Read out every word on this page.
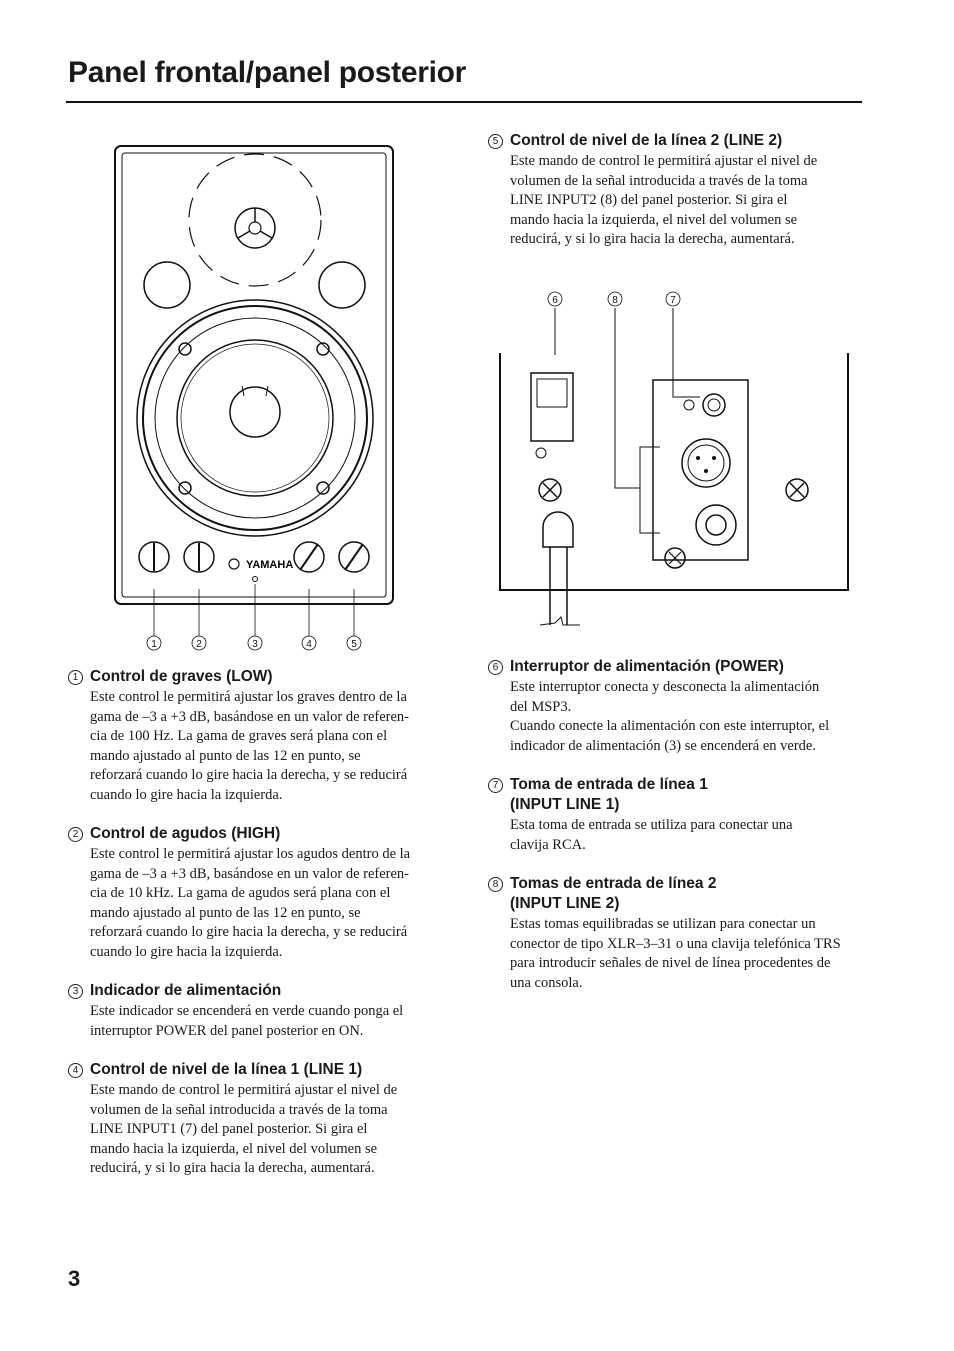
Panel frontal/panel posterior
YAMAHA
1	2	3	4	5
6	8	7
1 Control de graves (LOW)
Este control le permitirá ajustar los graves dentro de la
gama de –3 a +3 dB, basándose en un valor de referen-
cia de 100 Hz. La gama de graves será plana con el
mando ajustado al punto de las 12 en punto, se
reforzará cuando lo gire hacia la derecha, y se reducirá
cuando lo gire hacia la izquierda.
2 Control de agudos (HIGH)
Este control le permitirá ajustar los agudos dentro de la
gama de –3 a +3 dB, basándose en un valor de referen-
cia de 10 kHz. La gama de agudos será plana con el
mando ajustado al punto de las 12 en punto, se
reforzará cuando lo gire hacia la derecha, y se reducirá
cuando lo gire hacia la izquierda.
3 Indicador de alimentación
Este indicador se encenderá en verde cuando ponga el
interruptor POWER del panel posterior en ON.
4 Control de nivel de la línea 1 (LINE 1)
Este mando de control le permitirá ajustar el nivel de
volumen de la señal introducida a través de la toma
LINE INPUT1 (7) del panel posterior. Si gira el
mando hacia la izquierda, el nivel del volumen se
reducirá, y si lo gira hacia la derecha, aumentará.
5 Control de nivel de la línea 2 (LINE 2)
Este mando de control le permitirá ajustar el nivel de
volumen de la señal introducida a través de la toma
LINE INPUT2 (8) del panel posterior. Si gira el
mando hacia la izquierda, el nivel del volumen se
reducirá, y si lo gira hacia la derecha, aumentará.
6 Interruptor de alimentación (POWER)
Este interruptor conecta y desconecta la alimentación
del MSP3.
Cuando conecte la alimentación con este interruptor, el
indicador de alimentación (3) se encenderá en verde.
7 Toma de entrada de línea 1
(INPUT LINE 1)
Esta toma de entrada se utiliza para conectar una
clavija RCA.
8 Tomas de entrada de línea 2
(INPUT LINE 2)
Estas tomas equilibradas se utilizan para conectar un
conector de tipo XLR–3–31 o una clavija telefónica TRS
para introducir señales de nivel de línea procedentes de
una consola.
3
